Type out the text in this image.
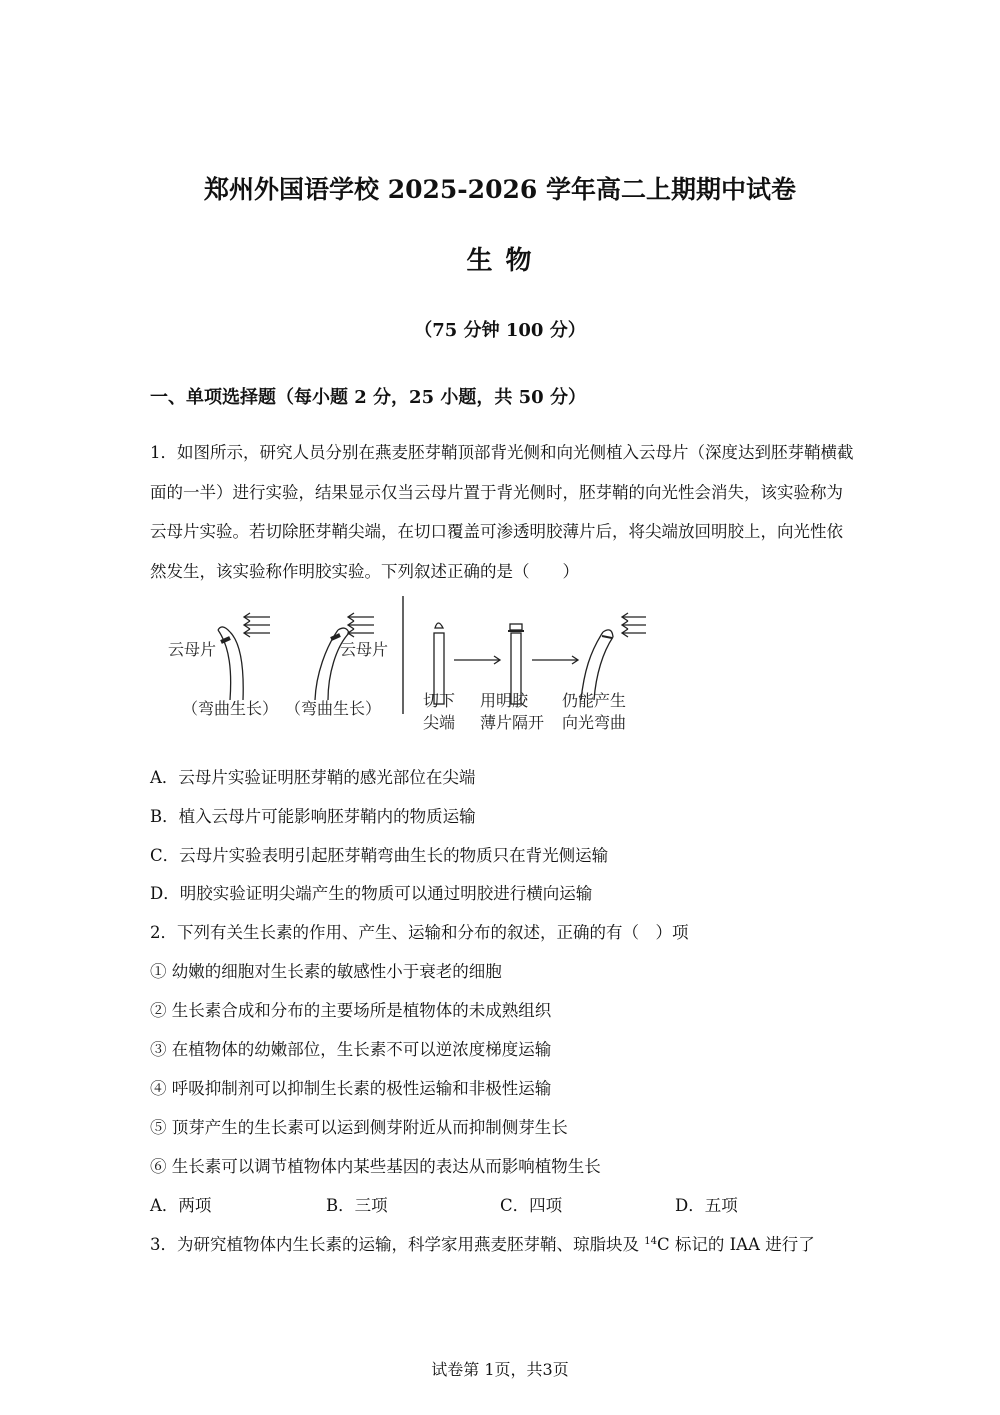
郑州外国语学校 2025-2026 学年高二上期期中试卷
生 物
（75 分钟 100 分）
一、单项选择题（每小题 2 分，25 小题，共 50 分）
1．如图所示，研究人员分别在燕麦胚芽鞘顶部背光侧和向光侧植入云母片（深度达到胚芽鞘横截面的一半）进行实验，结果显示仅当云母片置于背光侧时，胚芽鞘的向光性会消失，该实验称为云母片实验。若切除胚芽鞘尖端，在切口覆盖可渗透明胶薄片后，将尖端放回明胶上，向光性依然发生，该实验称作明胶实验。下列叙述正确的是（　　）
云母片	云母片
（弯曲生长） （弯曲生长）	切下
尖端
用明胶
薄片隔开
仍能产生
向光弯曲
A．云母片实验证明胚芽鞘的感光部位在尖端
B．植入云母片可能影响胚芽鞘内的物质运输
C．云母片实验表明引起胚芽鞘弯曲生长的物质只在背光侧运输
D．明胶实验证明尖端产生的物质可以通过明胶进行横向运输
2．下列有关生长素的作用、产生、运输和分布的叙述，正确的有（　）项
① 幼嫩的细胞对生长素的敏感性小于衰老的细胞
② 生长素合成和分布的主要场所是植物体的未成熟组织
③ 在植物体的幼嫩部位，生长素不可以逆浓度梯度运输
④ 呼吸抑制剂可以抑制生长素的极性运输和非极性运输
⑤ 顶芽产生的生长素可以运到侧芽附近从而抑制侧芽生长
⑥ 生长素可以调节植物体内某些基因的表达从而影响植物生长
A．两项	B．三项	C．四项	D．五项
3．为研究植物体内生长素的运输，科学家用燕麦胚芽鞘、琼脂块及 $^{14}$C 标记的 IAA 进行了
试卷第 1页，共3页
